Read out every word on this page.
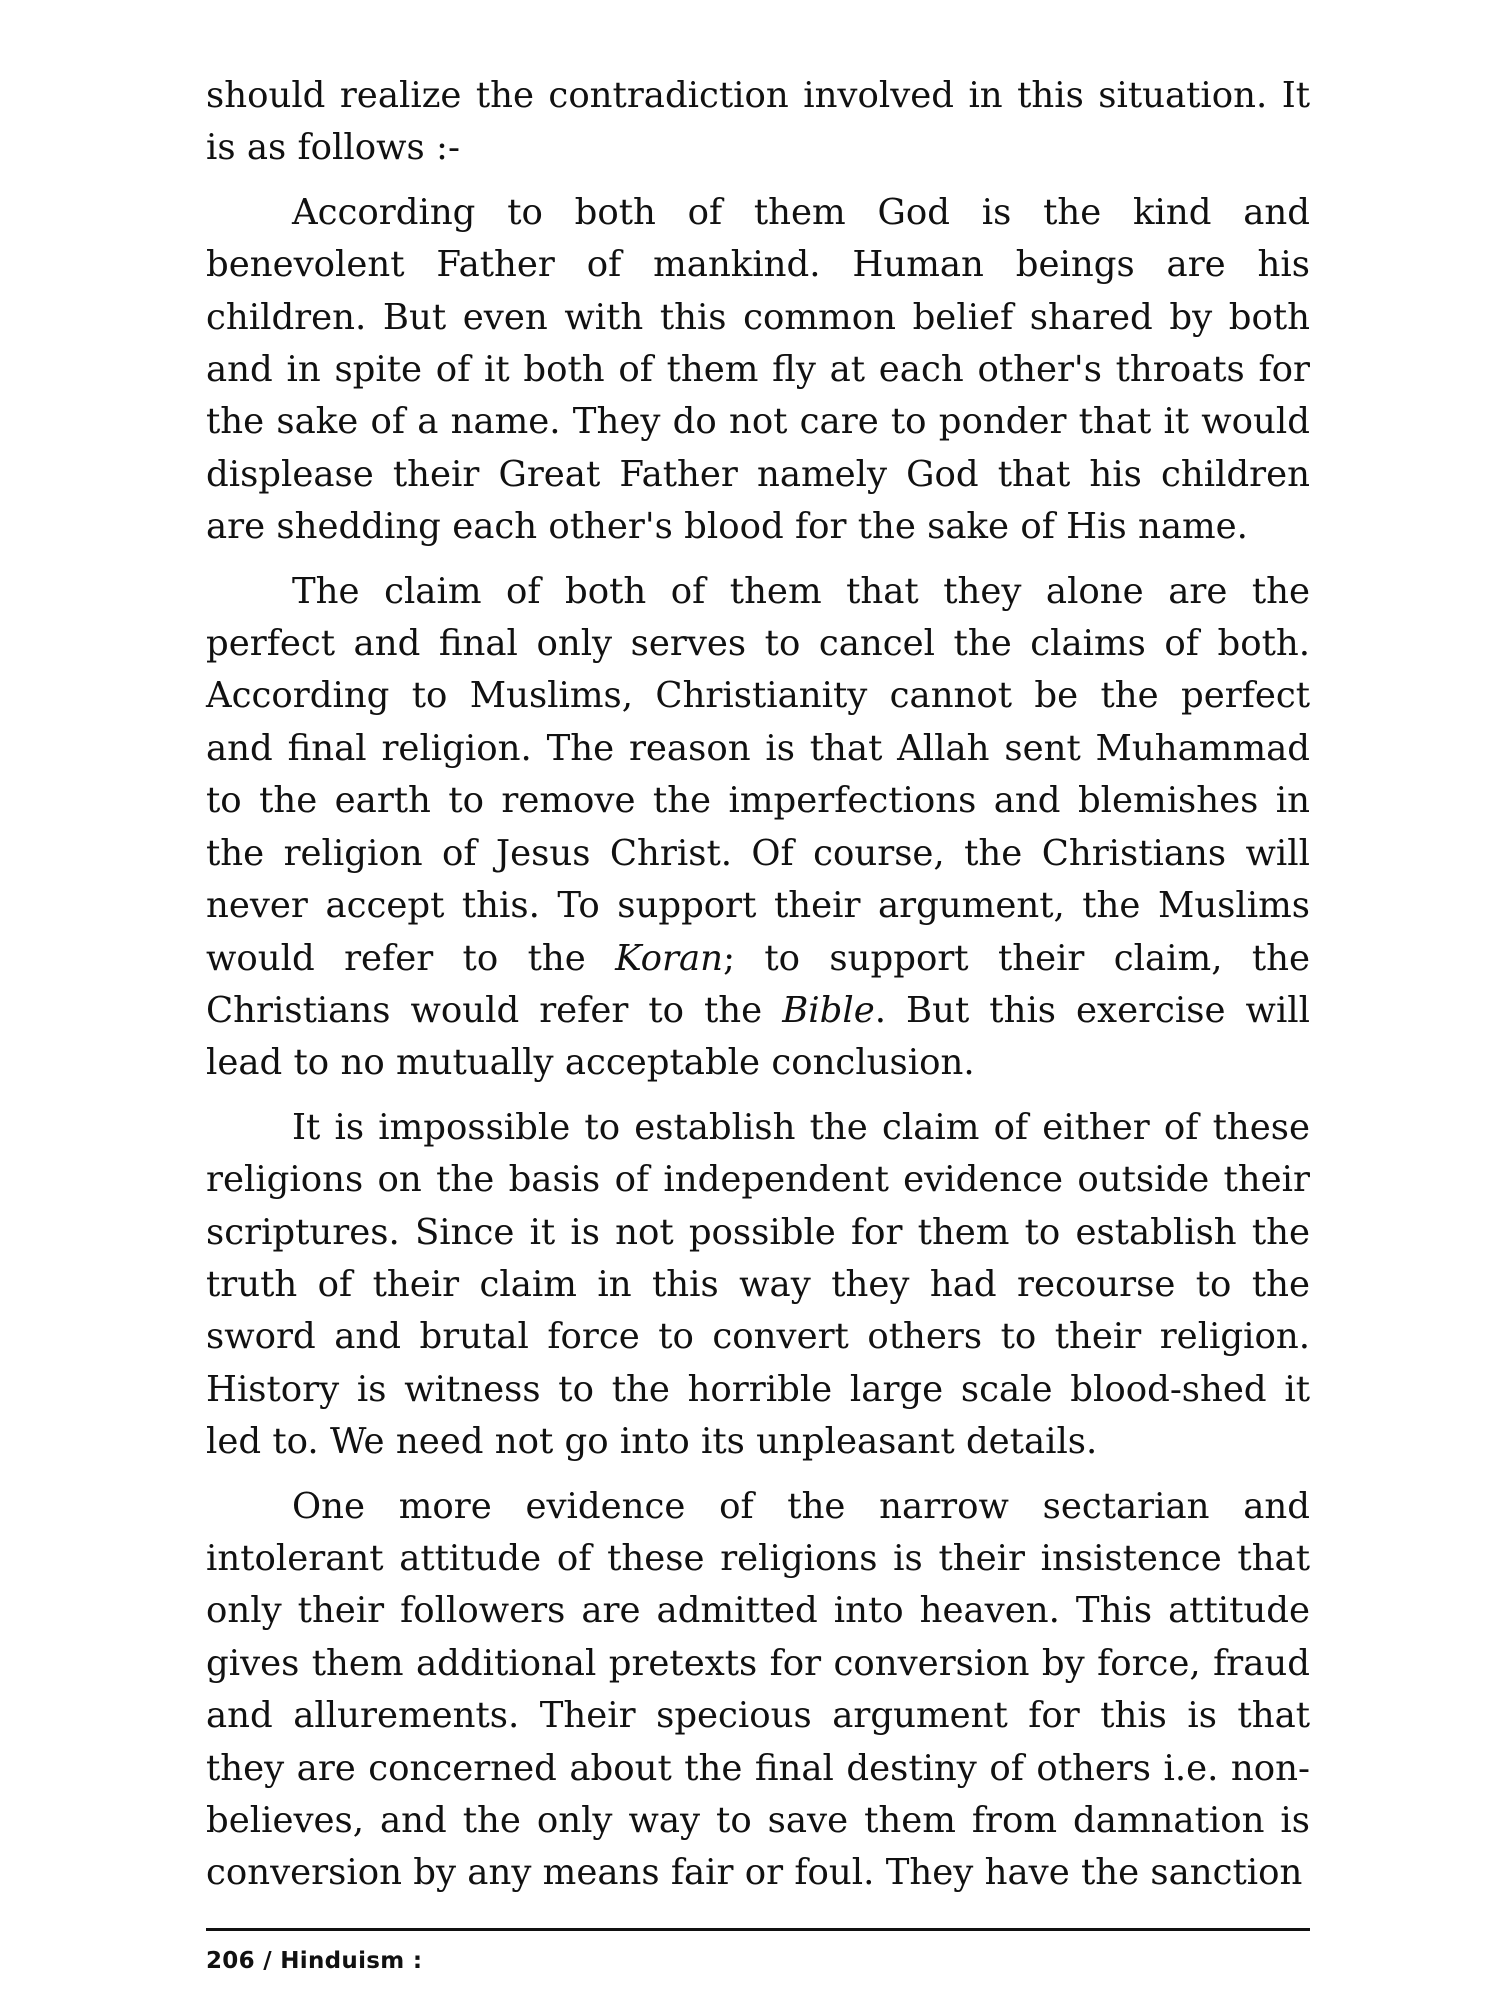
should realize the contradiction involved in this situation. It is as follows :-

According to both of them God is the kind and benevolent Father of mankind. Human beings are his children. But even with this common belief shared by both and in spite of it both of them fly at each other's throats for the sake of a name. They do not care to ponder that it would displease their Great Father namely God that his children are shedding each other's blood for the sake of His name.

The claim of both of them that they alone are the perfect and final only serves to cancel the claims of both. According to Muslims, Christianity cannot be the perfect and final religion. The reason is that Allah sent Muhammad to the earth to remove the imperfections and blemishes in the religion of Jesus Christ. Of course, the Christians will never accept this. To support their argument, the Muslims would refer to the Koran; to support their claim, the Christians would refer to the Bible. But this exercise will lead to no mutually acceptable conclusion.

It is impossible to establish the claim of either of these religions on the basis of independent evidence outside their scriptures. Since it is not possible for them to establish the truth of their claim in this way they had recourse to the sword and brutal force to convert others to their religion. History is witness to the horrible large scale blood-shed it led to. We need not go into its unpleasant details.

One more evidence of the narrow sectarian and intolerant attitude of these religions is their insistence that only their followers are admitted into heaven. This attitude gives them additional pretexts for conversion by force, fraud and allurements. Their specious argument for this is that they are concerned about the final destiny of others i.e. non-believes, and the only way to save them from damnation is conversion by any means fair or foul. They have the sanction

206 / Hinduism :
